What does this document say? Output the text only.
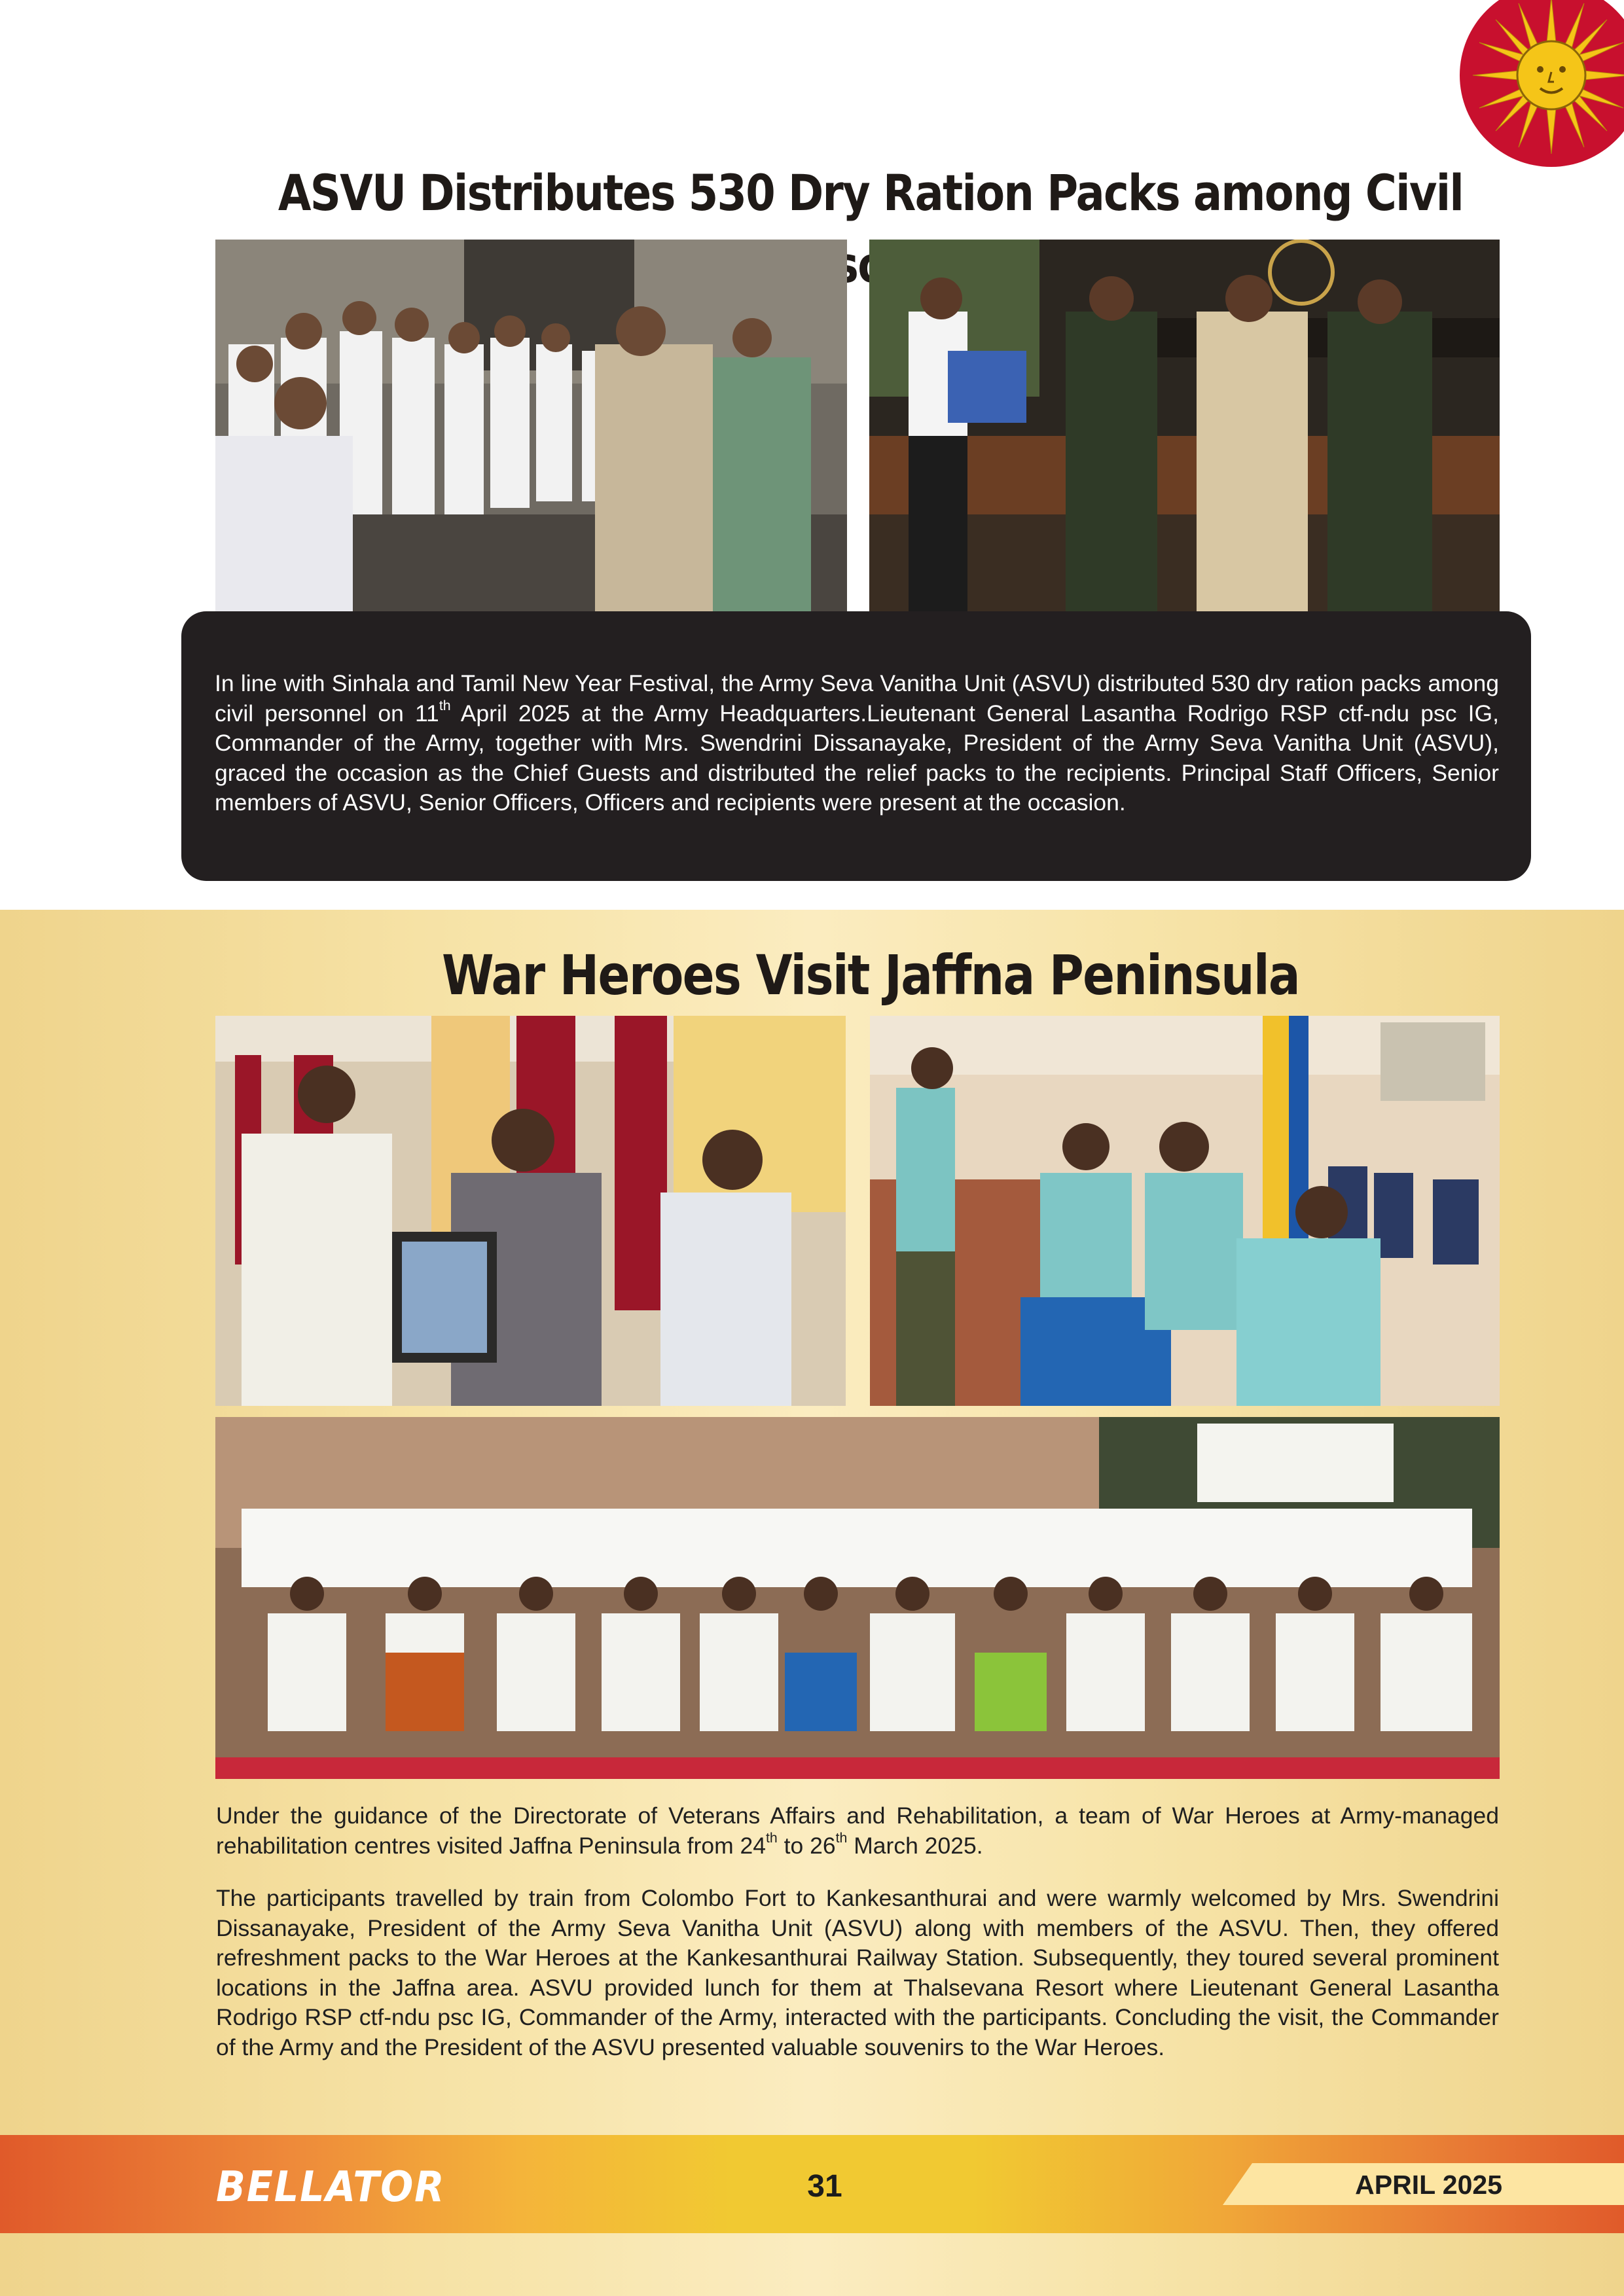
ASVU Distributes 530 Dry Ration Packs among Civil
In line with Sinhala and Tamil New Year Festival, the Army Seva Vanitha Unit (ASVU) distributed 530 dry ration packs among civil personnel on 11th April 2025 at the Army Headquarters.Lieutenant General Lasantha Rodrigo RSP ctf-ndu psc IG, Commander of the Army, together with Mrs. Swendrini Dissanayake, President of the Army Seva Vanitha Unit (ASVU), graced the occasion as the Chief Guests and distributed the relief packs to the recipients. Principal Staff Officers, Senior members of ASVU, Senior Officers, Officers and recipients were present at the occasion.
War Heroes Visit Jaffna Peninsula
Under the guidance of the Directorate of Veterans Affairs and Rehabilitation, a team of War Heroes at Army-managed rehabilitation centres visited Jaffna Peninsula from 24th to 26th March 2025.
The participants travelled by train from Colombo Fort to Kankesanthurai and were warmly welcomed by Mrs. Swendrini Dissanayake, President of the Army Seva Vanitha Unit (ASVU) along with members of the ASVU. Then, they offered refreshment packs to the War Heroes at the Kankesanthurai Railway Station. Subsequently, they toured several prominent locations in the Jaffna area. ASVU provided lunch for them at Thalsevana Resort where Lieutenant General Lasantha Rodrigo RSP ctf-ndu psc IG, Commander of the Army, interacted with the participants. Concluding the visit, the Commander of the Army and the President of the ASVU presented valuable souvenirs to the War Heroes.
BELLATOR	31	APRIL 2025
